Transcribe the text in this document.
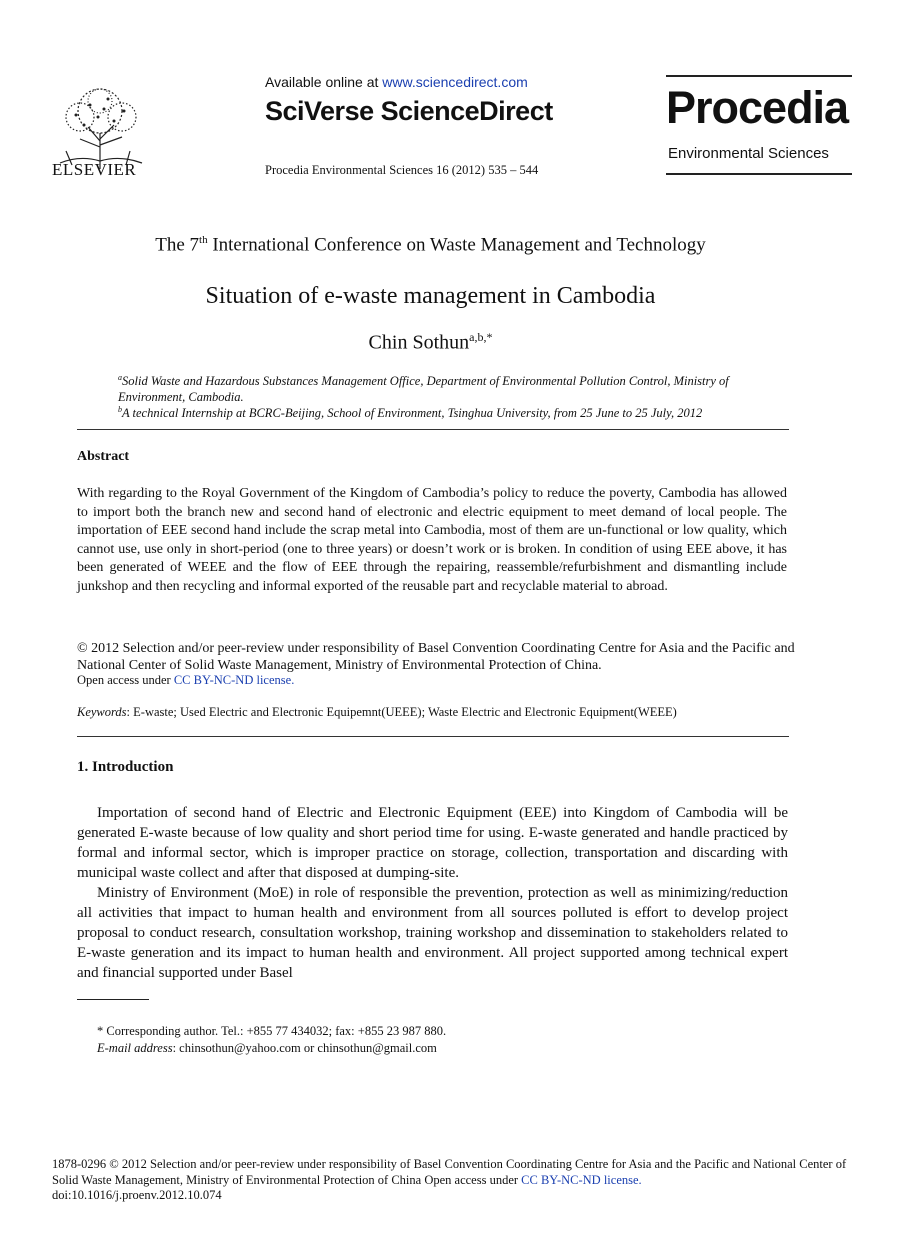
ELSEVIER
Available online at www.sciencedirect.com
SciVerse ScienceDirect
Procedia Environmental Sciences 16 (2012) 535 – 544
Procedia
Environmental Sciences
The 7th International Conference on Waste Management and Technology
Situation of e-waste management in Cambodia
Chin Sothun$^{a,b,*}$
$^a$Solid Waste and Hazardous Substances Management Office, Department of Environmental Pollution Control, Ministry of Environment, Cambodia.
$^b$A technical Internship at BCRC-Beijing, School of Environment, Tsinghua University, from 25 June to 25 July, 2012
Abstract
With regarding to the Royal Government of the Kingdom of Cambodia’s policy to reduce the poverty, Cambodia has allowed to import both the branch new and second hand of electronic and electric equipment to meet demand of local people. The importation of EEE second hand include the scrap metal into Cambodia, most of them are un-functional or low quality, which cannot use, use only in short-period (one to three years) or doesn’t work or is broken. In condition of using EEE above, it has been generated of WEEE and the flow of EEE through the repairing, reassemble/refurbishment and dismantling include junkshop and then recycling and informal exported of the reusable part and recyclable material to abroad.
© 2012 Selection and/or peer-review under responsibility of Basel Convention Coordinating Centre for Asia and the Pacific and National Center of Solid Waste Management, Ministry of Environmental Protection of China.
Open access under CC BY-NC-ND license.
Keywords: E-waste; Used Electric and Electronic Equipemnt(UEEE); Waste Electric and Electronic Equipment(WEEE)
1. Introduction
Importation of second hand of Electric and Electronic Equipment (EEE) into Kingdom of Cambodia will be generated E-waste because of low quality and short period time for using. E-waste generated and handle practiced by formal and informal sector, which is improper practice on storage, collection, transportation and discarding with municipal waste collect and after that disposed at dumping-site.
Ministry of Environment (MoE) in role of responsible the prevention, protection as well as minimizing/reduction all activities that impact to human health and environment from all sources polluted is effort to develop project proposal to conduct research, consultation workshop, training workshop and dissemination to stakeholders related to E-waste generation and its impact to human health and environment. All project supported among technical expert and financial supported under Basel
* Corresponding author. Tel.: +855 77 434032; fax: +855 23 987 880.
E-mail address: chinsothun@yahoo.com or chinsothun@gmail.com
1878-0296 © 2012 Selection and/or peer-review under responsibility of Basel Convention Coordinating Centre for Asia and the Pacific and National Center of Solid Waste Management, Ministry of Environmental Protection of China Open access under CC BY-NC-ND license.
doi:10.1016/j.proenv.2012.10.074
